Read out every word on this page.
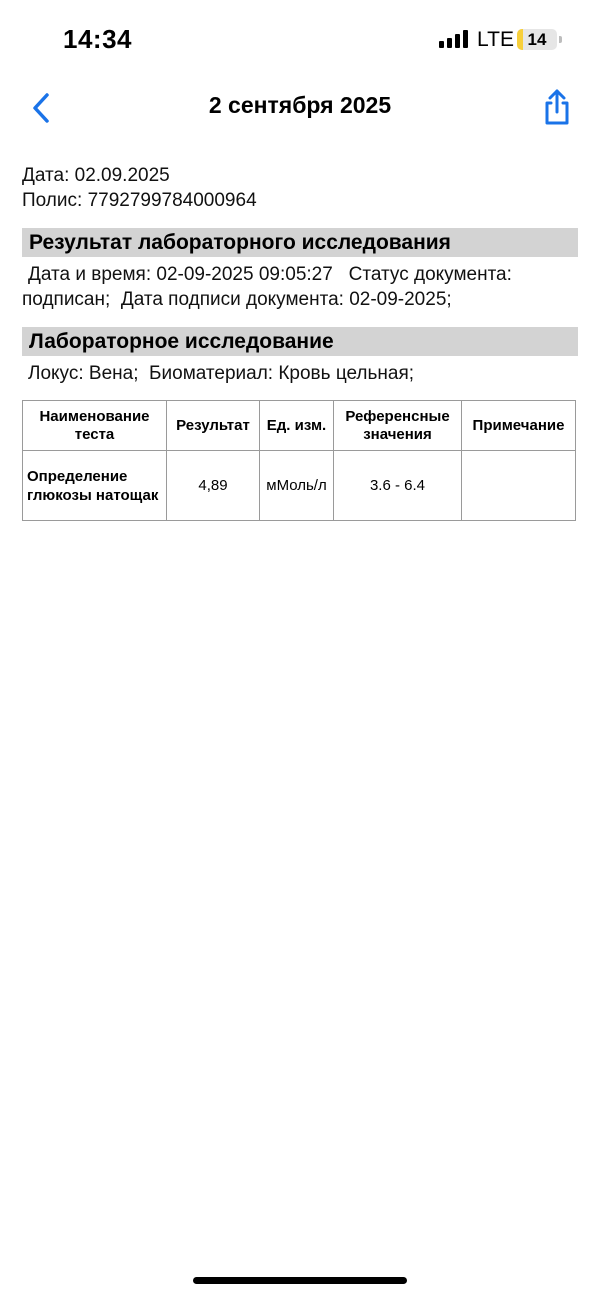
14:34	LTE 14
2 сентября 2025
Дата: 02.09.2025
Полис: 7792799784000964
Результат лабораторного исследования
Дата и время: 02-09-2025 09:05:27   Статус документа:
подписан;  Дата подписи документа: 02-09-2025;
Лабораторное исследование
Локус: Вена;  Биоматериал: Кровь цельная;
Наименование теста	Результат	Ед. изм.	Референсные значения	Примечание
Определение глюкозы натощак	4,89	мМоль/л	3.6 - 6.4	
